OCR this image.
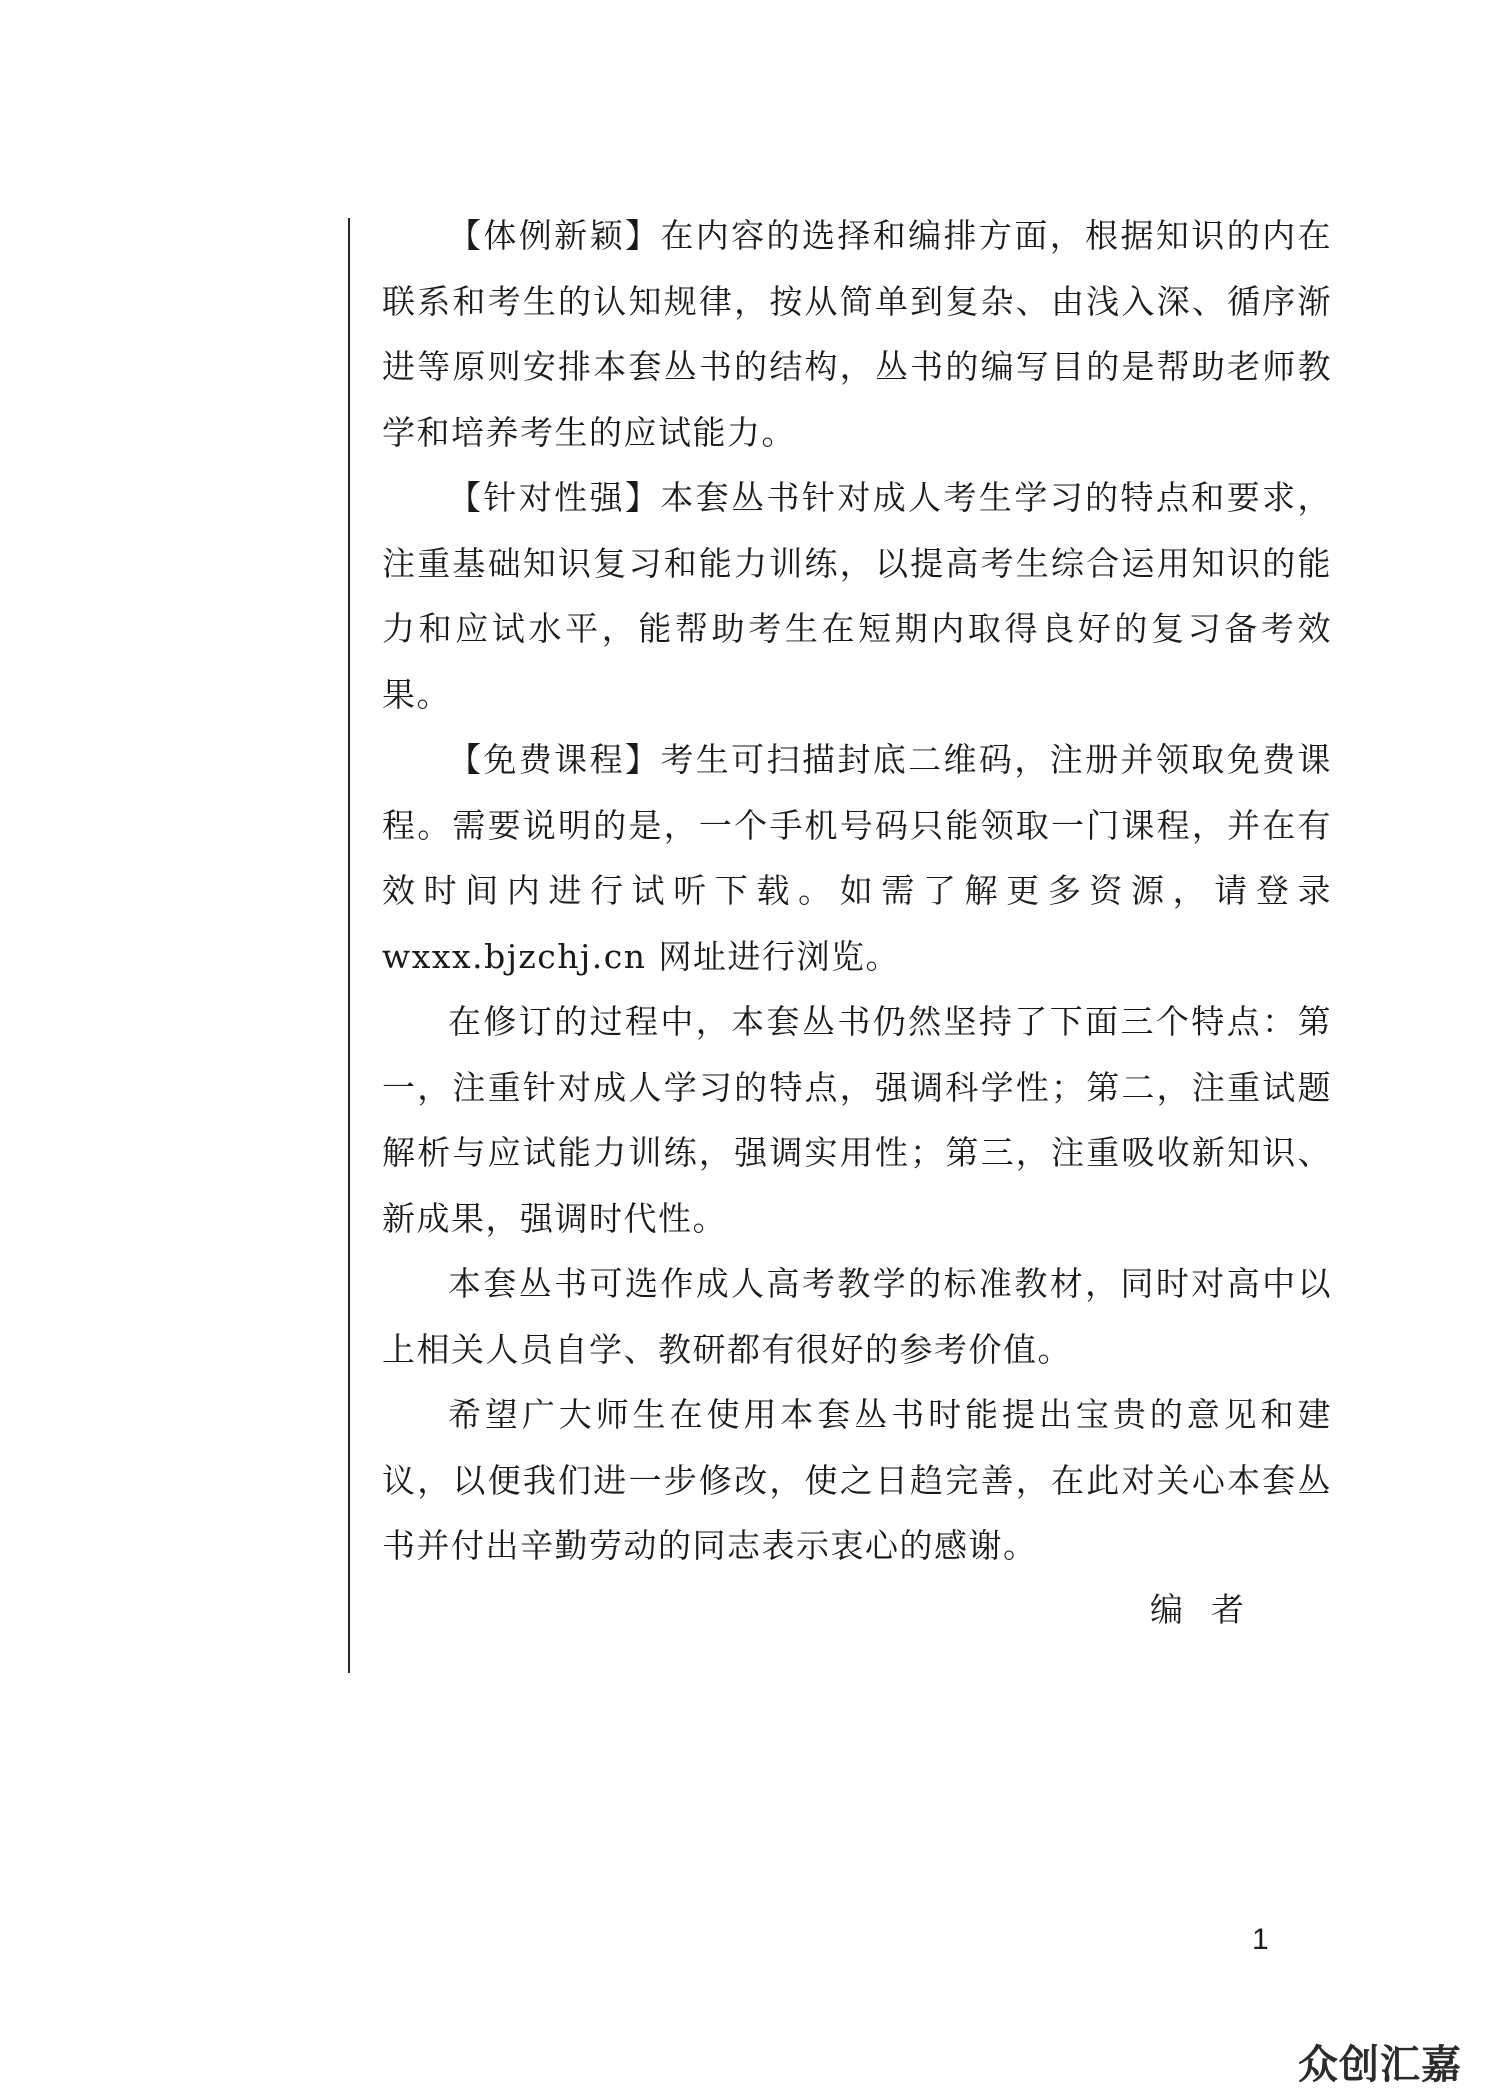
【体例新颖】在内容的选择和编排方面，根据知识的内在联系和考生的认知规律，按从简单到复杂、由浅入深、循序渐进等原则安排本套丛书的结构，丛书的编写目的是帮助老师教学和培养考生的应试能力。

【针对性强】本套丛书针对成人考生学习的特点和要求，注重基础知识复习和能力训练，以提高考生综合运用知识的能力和应试水平，能帮助考生在短期内取得良好的复习备考效果。

【免费课程】考生可扫描封底二维码，注册并领取免费课程。需要说明的是，一个手机号码只能领取一门课程，并在有效时间内进行试听下载。如需了解更多资源，请登录 wxxx.bjzchj.cn 网址进行浏览。

在修订的过程中，本套丛书仍然坚持了下面三个特点：第一，注重针对成人学习的特点，强调科学性；第二，注重试题解析与应试能力训练，强调实用性；第三，注重吸收新知识、新成果，强调时代性。

本套丛书可选作成人高考教学的标准教材，同时对高中以上相关人员自学、教研都有很好的参考价值。

希望广大师生在使用本套丛书时能提出宝贵的意见和建议，以便我们进一步修改，使之日趋完善，在此对关心本套丛书并付出辛勤劳动的同志表示衷心的感谢。

编者
1
众创汇嘉
